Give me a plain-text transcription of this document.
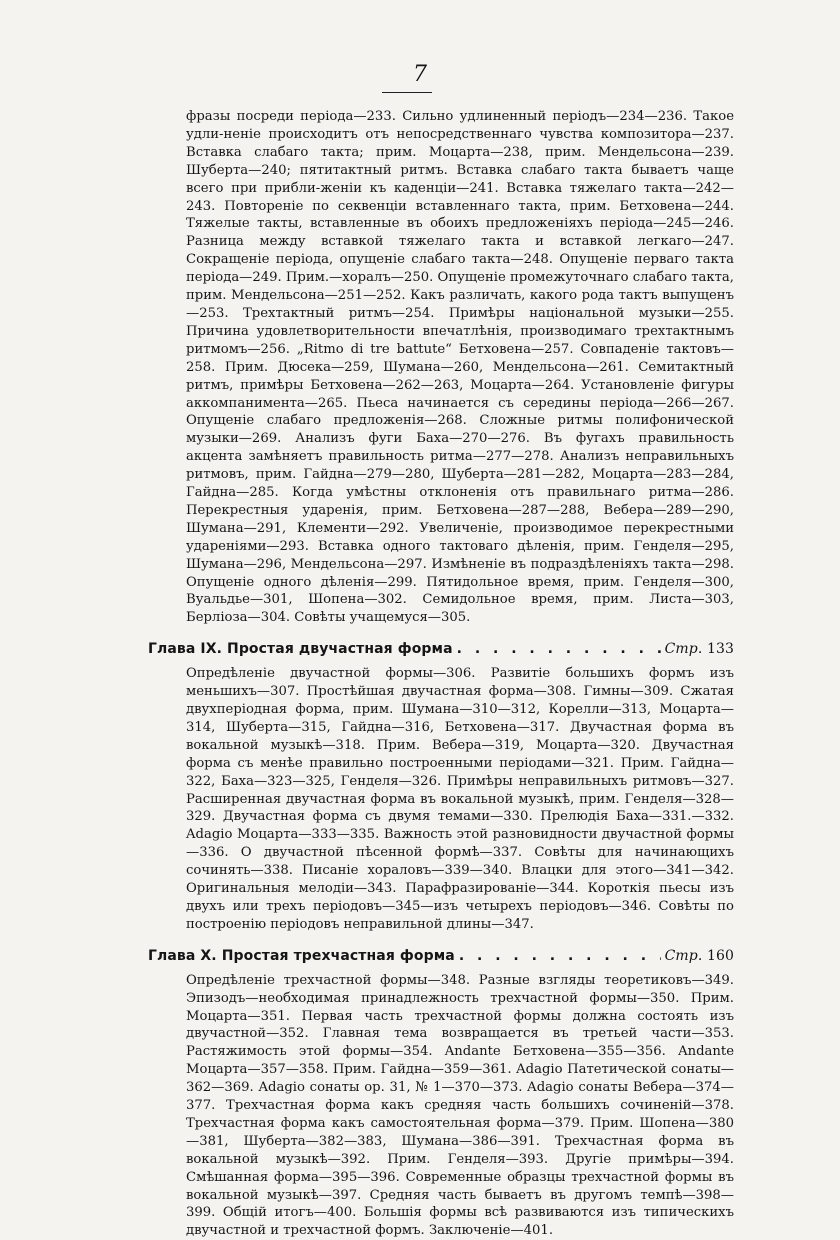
7

фразы посреди періода—233. Сильно удлиненный періодъ—234—236. Такое удли-неніе происходитъ отъ непосредственнаго чувства композитора—237. Вставка слабаго такта; прим. Моцарта—238, прим. Мендельсона—239. Шуберта—240; пятитактный ритмъ. Вставка слабаго такта бываетъ чаще всего при прибли-женіи къ каденціи—241. Вставка тяжелаго такта—242—243. Повтореніе по секвенціи вставленнаго такта, прим. Бетховена—244. Тяжелые такты, вставленные въ обоихъ предложеніяхъ періода—245—246. Разница между вставкой тяжелаго такта и вставкой легкаго—247. Сокращеніе періода, опущеніе слабаго такта—248. Опущеніе перваго такта періода—249. Прим.—хоралъ—250. Опущеніе промежуточнаго слабаго такта, прим. Мендельсона—251—252. Какъ различать, какого рода тактъ выпущенъ—253. Трехтактный ритмъ—254. Примѣры національной музыки—255. Причина удовлетворительности впечатлѣнія, производимаго трехтактнымъ ритмомъ—256. „Ritmo di tre battute“ Бетховена—257. Совпаденіе тактовъ—258. Прим. Дюсека—259, Шумана—260, Мендельсона—261. Семитактный ритмъ, примѣры Бетховена—262—263, Моцарта—264. Установленіе фигуры аккомпанимента—265. Пьеса начинается съ середины періода—266—267. Опущеніе слабаго предложенія—268. Сложные ритмы полифонической музыки—269. Анализъ фуги Баха—270—276. Въ фугахъ правильность акцента замѣняетъ правильность ритма—277—278. Анализъ неправильныхъ ритмовъ, прим. Гайдна—279—280, Шуберта—281—282, Моцарта—283—284, Гайдна—285. Когда умѣстны отклоненія отъ правильнаго ритма—286. Перекрестныя ударенія, прим. Бетховена—287—288, Вебера—289—290, Шумана—291, Клементи—292. Увеличеніе, производимое перекрестными удареніями—293. Вставка одного тактоваго дѣленія, прим. Генделя—295, Шумана—296, Мендельсона—297. Измѣненіе въ подраздѣленіяхъ такта—298. Опущеніе одного дѣленія—299. Пятидольное время, прим. Генделя—300, Вуальдье—301, Шопена—302. Семидольное время, прим. Листа—303, Берліоза—304. Совѣты учащемуся—305.

Глава IX. Простая двучастная форма . . .	Стр. 133

Опредѣленіе двучастной формы—306. Развитіе большихъ формъ изъ меньшихъ—307. Простѣйшая двучастная форма—308. Гимны—309. Сжатая двухперіодная форма, прим. Шумана—310—312, Корелли—313, Моцарта—314, Шуберта—315, Гайдна—316, Бетховена—317. Двучастная форма въ вокальной музыкѣ—318. Прим. Вебера—319, Моцарта—320. Двучастная форма съ менѣе правильно построенными періодами—321. Прим. Гайдна—322, Баха—323—325, Генделя—326. Примѣры неправильныхъ ритмовъ—327. Расширенная двучастная форма въ вокальной музыкѣ, прим. Генделя—328—329. Двучастная форма съ двумя темами—330. Прелюдія Баха—331.—332. Adagio Моцарта—333—335. Важность этой разновидности двучастной формы—336. О двучастной пѣсенной формѣ—337. Совѣты для начинающихъ сочинять—338. Писаніе хораловъ—339—340. Влацки для этого—341—342. Оригинальныя мелодіи—343. Парафразированіе—344. Короткія пьесы изъ двухъ или трехъ періодовъ—345—изъ четырехъ періодовъ—346. Совѣты по построенію періодовъ неправильной длины—347.

Глава X. Простая трехчастная форма . . .	Стр. 160

Опредѣленіе трехчастной формы—348. Разные взгляды теоретиковъ—349. Эпизодъ—необходимая принадлежность трехчастной формы—350. Прим. Моцарта—351. Первая часть трехчастной формы должна состоять изъ двучастной—352. Главная тема возвращается въ третьей части—353. Растяжимость этой формы—354. Andante Бетховена—355—356. Andante Моцарта—357—358. Прим. Гайдна—359—361. Adagio Патетической сонаты—362—369. Adagio сонаты ор. 31, № 1—370—373. Adagio сонаты Вебера—374—377. Трехчастная форма какъ средняя часть большихъ сочиненій—378. Трехчастная форма какъ самостоятельная форма—379. Прим. Шопена—380—381, Шуберта—382—383, Шумана—386—391. Трехчастная форма въ вокальной музыкѣ—392. Прим. Генделя—393. Другіе примѣры—394. Смѣшанная форма—395—396. Современные образцы трехчастной формы въ вокальной музыкѣ—397. Средняя часть бываетъ въ другомъ темпѣ—398—399. Общій итогъ—400. Большія формы всѣ развиваются изъ типическихъ двучастной и трехчастной формъ. Заключеніе—401.
